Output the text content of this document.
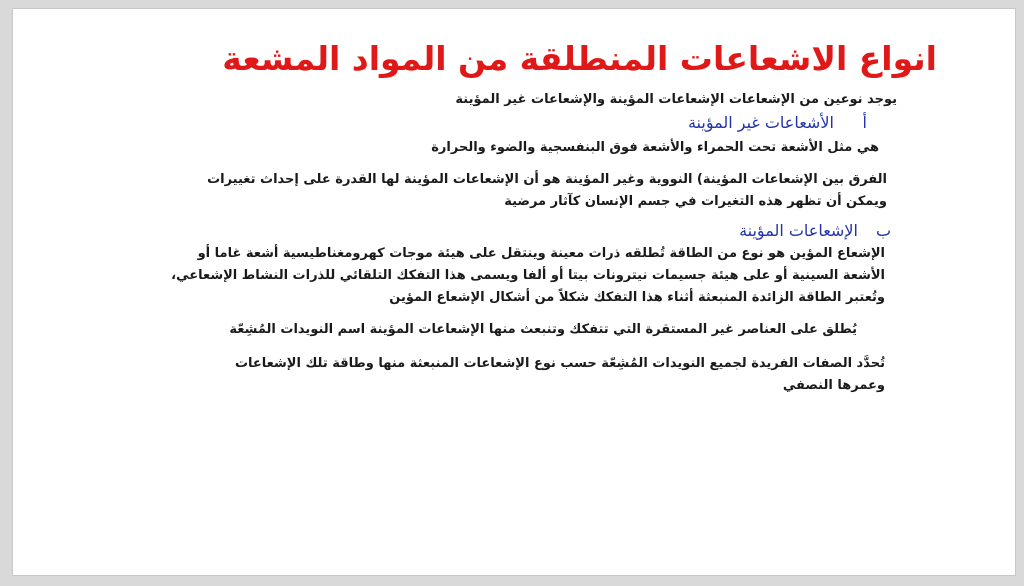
انواع الاشعاعات المنطلقة من المواد المشعة

يوجد نوعين من الإشعاعات الإشعاعات المؤينة والإشعاعات غير المؤينة

أ الأشعاعات غير المؤينة

هي مثل الأشعة تحت الحمراء والأشعة فوق البنفسجية والضوء والحرارة

الفرق بين الإشعاعات المؤينة) النووية وغير المؤينة هو أن الإشعاعات المؤينة لها القدرة على إحداث تغييرات ويمكن أن تظهر هذه التغيرات في جسم الإنسان كآثار مرضية

ب الإشعاعات المؤينة

الإشعاع المؤين هو نوع من الطاقة تُطلقه ذرات معينة وينتقل على هيئة موجات كهرومغناطيسية أشعة غاما أو الأشعة السينية أو على هيئة جسيمات نيترونات بيتا أو ألفا ويسمى هذا التفكك التلقائي للذرات النشاط الإشعاعي، وتُعتبر الطاقة الزائدة المنبعثة أثناء هذا التفكك شكلاً من أشكال الإشعاع المؤين

يُطلق على العناصر غير المستقرة التي تتفكك وتنبعث منها الإشعاعات المؤينة اسم النويدات المُشِعّة

تُحدَّد الصفات الفريدة لجميع النويدات المُشِعّة حسب نوع الإشعاعات المنبعثة منها وطاقة تلك الإشعاعات وعمرها النصفي
